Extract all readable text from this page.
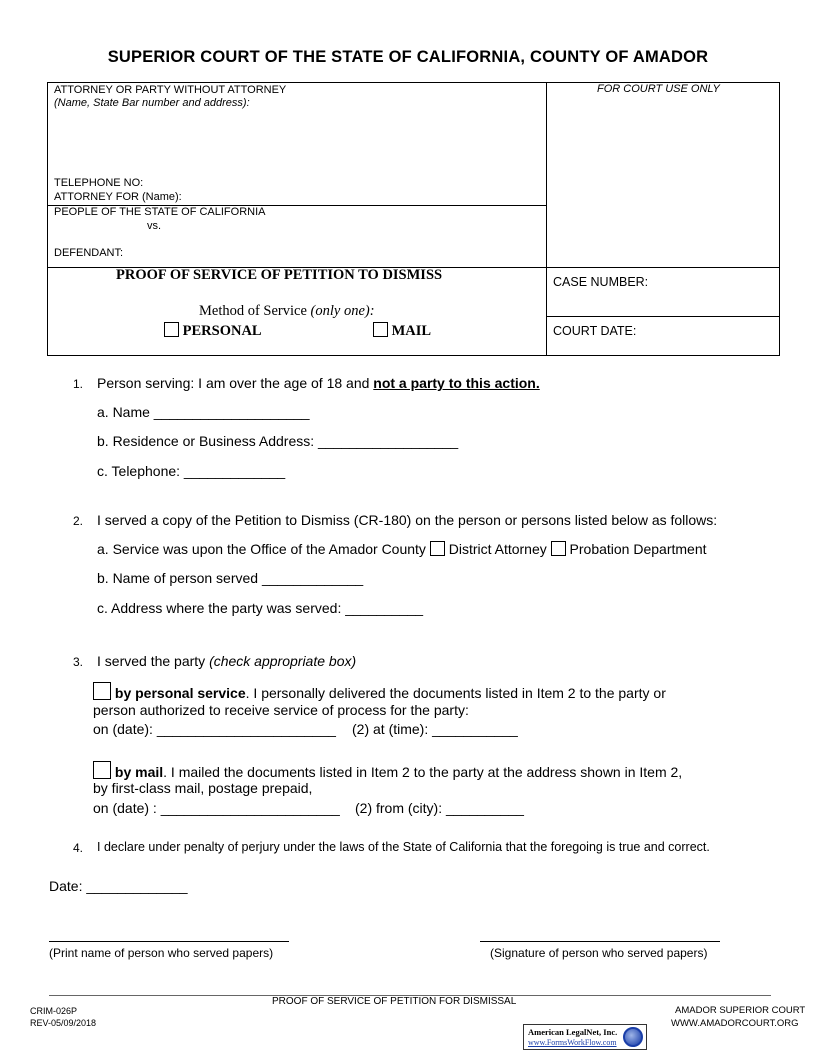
SUPERIOR COURT OF THE STATE OF CALIFORNIA, COUNTY OF AMADOR
ATTORNEY OR PARTY WITHOUT ATTORNEY
(Name, State Bar number and address):
TELEPHONE NO:
ATTORNEY FOR (Name):
PEOPLE OF THE STATE OF CALIFORNIA
vs.
DEFENDANT:
FOR COURT USE ONLY
PROOF OF SERVICE OF PETITION TO DISMISS
Method of Service (only one):
PERSONAL	MAIL
CASE NUMBER:
COURT DATE:
1. Person serving: I am over the age of 18 and not a party to this action.
a. Name ____________________
b. Residence or Business Address: __________________
c. Telephone: _____________
2. I served a copy of the Petition to Dismiss (CR-180) on the person or persons listed below as follows:
a. Service was upon the Office of the Amador County District Attorney Probation Department
b. Name of person served _____________
c. Address where the party was served: __________
3. I served the party (check appropriate box)
by personal service. I personally delivered the documents listed in Item 2 to the party or
person authorized to receive service of process for the party:
on (date): _______________________ (2) at (time): ___________
by mail. I mailed the documents listed in Item 2 to the party at the address shown in Item 2,
by first-class mail, postage prepaid,
on (date) : _______________________ (2) from (city): __________
4. I declare under penalty of perjury under the laws of the State of California that the foregoing is true and correct.
Date: _____________
(Print name of person who served papers)	(Signature of person who served papers)
PROOF OF SERVICE OF PETITION FOR DISMISSAL
CRIM-026P
REV-05/09/2018
AMADOR SUPERIOR COURT
WWW.AMADORCOURT.ORG
American LegalNet, Inc.
www.FormsWorkFlow.com
